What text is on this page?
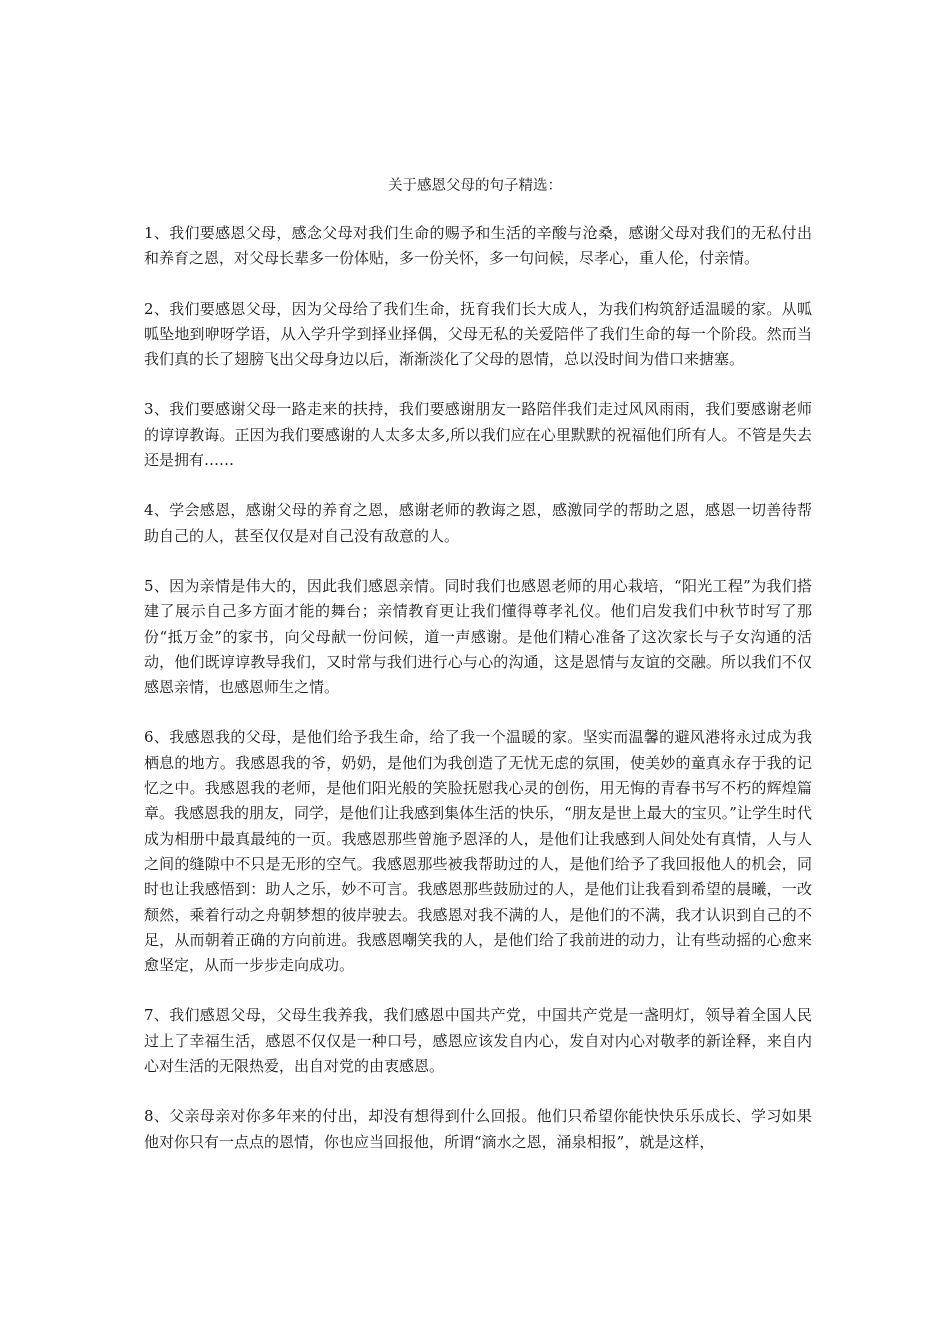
关于感恩父母的句子精选：

1、我们要感恩父母，感念父母对我们生命的赐予和生活的辛酸与沧桑，感谢父母对我们的无私付出和养育之恩，对父母长辈多一份体贴，多一份关怀，多一句问候，尽孝心，重人伦，付亲情。

2、我们要感恩父母，因为父母给了我们生命，抚育我们长大成人，为我们构筑舒适温暖的家。从呱呱坠地到咿呀学语，从入学升学到择业择偶，父母无私的关爱陪伴了我们生命的每一个阶段。然而当我们真的长了翅膀飞出父母身边以后，渐渐淡化了父母的恩情，总以没时间为借口来搪塞。

3、我们要感谢父母一路走来的扶持，我们要感谢朋友一路陪伴我们走过风风雨雨，我们要感谢老师的谆谆教诲。正因为我们要感谢的人太多太多,所以我们应在心里默默的祝福他们所有人。不管是失去还是拥有……

4、学会感恩，感谢父母的养育之恩，感谢老师的教诲之恩，感激同学的帮助之恩，感恩一切善待帮助自己的人，甚至仅仅是对自己没有敌意的人。

5、因为亲情是伟大的，因此我们感恩亲情。同时我们也感恩老师的用心栽培，“阳光工程”为我们搭建了展示自己多方面才能的舞台；亲情教育更让我们懂得尊孝礼仪。他们启发我们中秋节时写了那份“抵万金”的家书，向父母献一份问候，道一声感谢。是他们精心准备了这次家长与子女沟通的活动，他们既谆谆教导我们，又时常与我们进行心与心的沟通，这是恩情与友谊的交融。所以我们不仅感恩亲情，也感恩师生之情。

6、我感恩我的父母，是他们给予我生命，给了我一个温暖的家。坚实而温馨的避风港将永过成为我栖息的地方。我感恩我的爷，奶奶，是他们为我创造了无忧无虑的氛围，使美妙的童真永存于我的记忆之中。我感恩我的老师，是他们阳光般的笑脸抚慰我心灵的创伤，用无悔的青春书写不朽的辉煌篇章。我感恩我的朋友，同学，是他们让我感到集体生活的快乐，“朋友是世上最大的宝贝。”让学生时代成为相册中最真最纯的一页。我感恩那些曾施予恩泽的人，是他们让我感到人间处处有真情，人与人之间的缝隙中不只是无形的空气。我感恩那些被我帮助过的人，是他们给予了我回报他人的机会，同时也让我感悟到：助人之乐，妙不可言。我感恩那些鼓励过的人，是他们让我看到希望的晨曦，一改颓然，乘着行动之舟朝梦想的彼岸驶去。我感恩对我不满的人，是他们的不满，我才认识到自己的不足，从而朝着正确的方向前进。我感恩嘲笑我的人，是他们给了我前进的动力，让有些动摇的心愈来愈坚定，从而一步步走向成功。

7、我们感恩父母，父母生我养我，我们感恩中国共产党，中国共产党是一盏明灯，领导着全国人民过上了幸福生活，感恩不仅仅是一种口号，感恩应该发自内心，发自对内心对敬孝的新诠释，来自内心对生活的无限热爱，出自对党的由衷感恩。

8、父亲母亲对你多年来的付出，却没有想得到什么回报。他们只希望你能快快乐乐成长、学习如果他对你只有一点点的恩情，你也应当回报他，所谓“滴水之恩，涌泉相报”，就是这样，
